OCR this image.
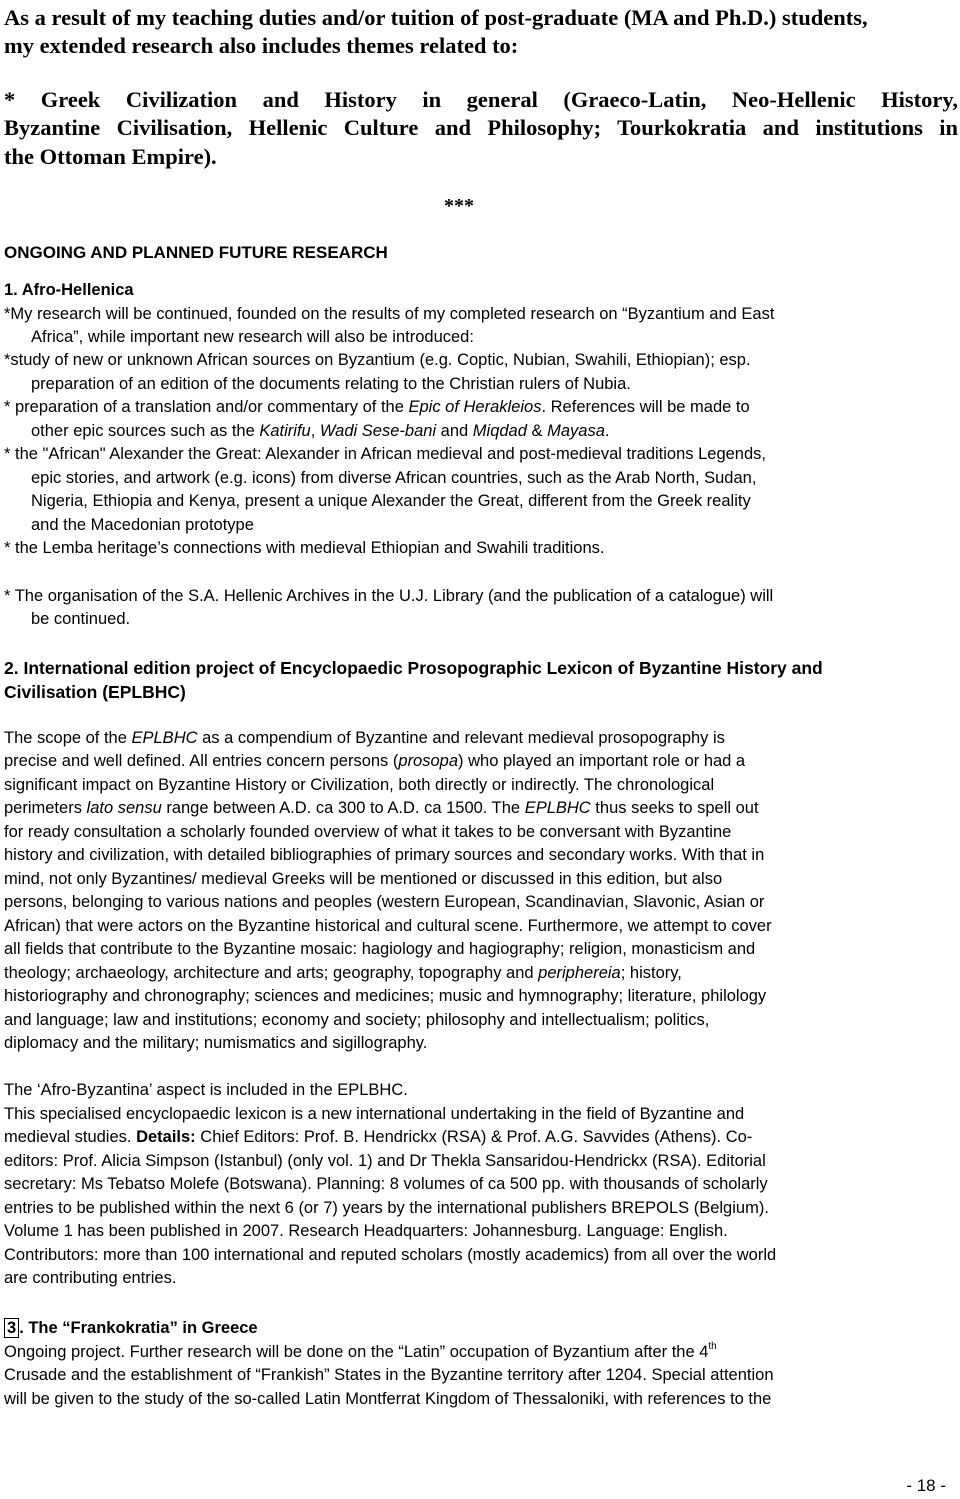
As a result of my teaching duties and/or tuition of post-graduate (MA and Ph.D.) students,
my extended research also includes themes related to:
* Greek Civilization and History in general (Graeco-Latin, Neo-Hellenic History,
Byzantine Civilisation, Hellenic Culture and Philosophy; Tourkokratia and institutions in
the Ottoman Empire).
***
ONGOING AND PLANNED FUTURE RESEARCH
1. Afro-Hellenica
*My research will be continued, founded on the results of my completed research on “Byzantium and East
Africa”, while important new research will also be introduced:
*study of new or unknown African sources on Byzantium (e.g. Coptic, Nubian, Swahili, Ethiopian); esp.
preparation of an edition of the documents relating to the Christian rulers of Nubia.
* preparation of a translation and/or commentary of the Epic of Herakleios. References will be made to
other epic sources such as the Katirifu, Wadi Sese-bani and Miqdad & Mayasa.
* the "African" Alexander the Great: Alexander in African medieval and post-medieval traditions Legends,
epic stories, and artwork (e.g. icons) from diverse African countries, such as the Arab North, Sudan,
Nigeria, Ethiopia and Kenya, present a unique Alexander the Great, different from the Greek reality
and the Macedonian prototype
* the Lemba heritage’s connections with medieval Ethiopian and Swahili traditions.
* The organisation of the S.A. Hellenic Archives in the U.J. Library (and the publication of a catalogue) will
be continued.
2. International edition project of Encyclopaedic Prosopographic Lexicon of Byzantine History and
Civilisation (EPLBHC)
The scope of the EPLBHC as a compendium of Byzantine and relevant medieval prosopography is
precise and well defined. All entries concern persons (prosopa) who played an important role or had a
significant impact on Byzantine History or Civilization, both directly or indirectly. The chronological
perimeters lato sensu range between A.D. ca 300 to A.D. ca 1500. The EPLBHC thus seeks to spell out
for ready consultation a scholarly founded overview of what it takes to be conversant with Byzantine
history and civilization, with detailed bibliographies of primary sources and secondary works. With that in
mind, not only Byzantines/ medieval Greeks will be mentioned or discussed in this edition, but also
persons, belonging to various nations and peoples (western European, Scandinavian, Slavonic, Asian or
African) that were actors on the Byzantine historical and cultural scene. Furthermore, we attempt to cover
all fields that contribute to the Byzantine mosaic: hagiology and hagiography; religion, monasticism and
theology; archaeology, architecture and arts; geography, topography and periphereia; history,
historiography and chronography; sciences and medicines; music and hymnography; literature, philology
and language; law and institutions; economy and society; philosophy and intellectualism; politics,
diplomacy and the military; numismatics and sigillography.
The ‘Afro-Byzantina’ aspect is included in the EPLBHC.
This specialised encyclopaedic lexicon is a new international undertaking in the field of Byzantine and
medieval studies. Details: Chief Editors: Prof. B. Hendrickx (RSA) & Prof. A.G. Savvides (Athens). Co-
editors: Prof. Alicia Simpson (Istanbul) (only vol. 1) and Dr Thekla Sansaridou-Hendrickx (RSA). Editorial
secretary: Ms Tebatso Molefe (Botswana). Planning: 8 volumes of ca 500 pp. with thousands of scholarly
entries to be published within the next 6 (or 7) years by the international publishers BREPOLS (Belgium).
Volume 1 has been published in 2007. Research Headquarters: Johannesburg. Language: English.
Contributors: more than 100 international and reputed scholars (mostly academics) from all over the world
are contributing entries.
3 . The “Frankokratia” in Greece
Ongoing project. Further research will be done on the “Latin” occupation of Byzantium after the 4th
Crusade and the establishment of “Frankish” States in the Byzantine territory after 1204. Special attention
will be given to the study of the so-called Latin Montferrat Kingdom of Thessaloniki, with references to the
- 18 -
